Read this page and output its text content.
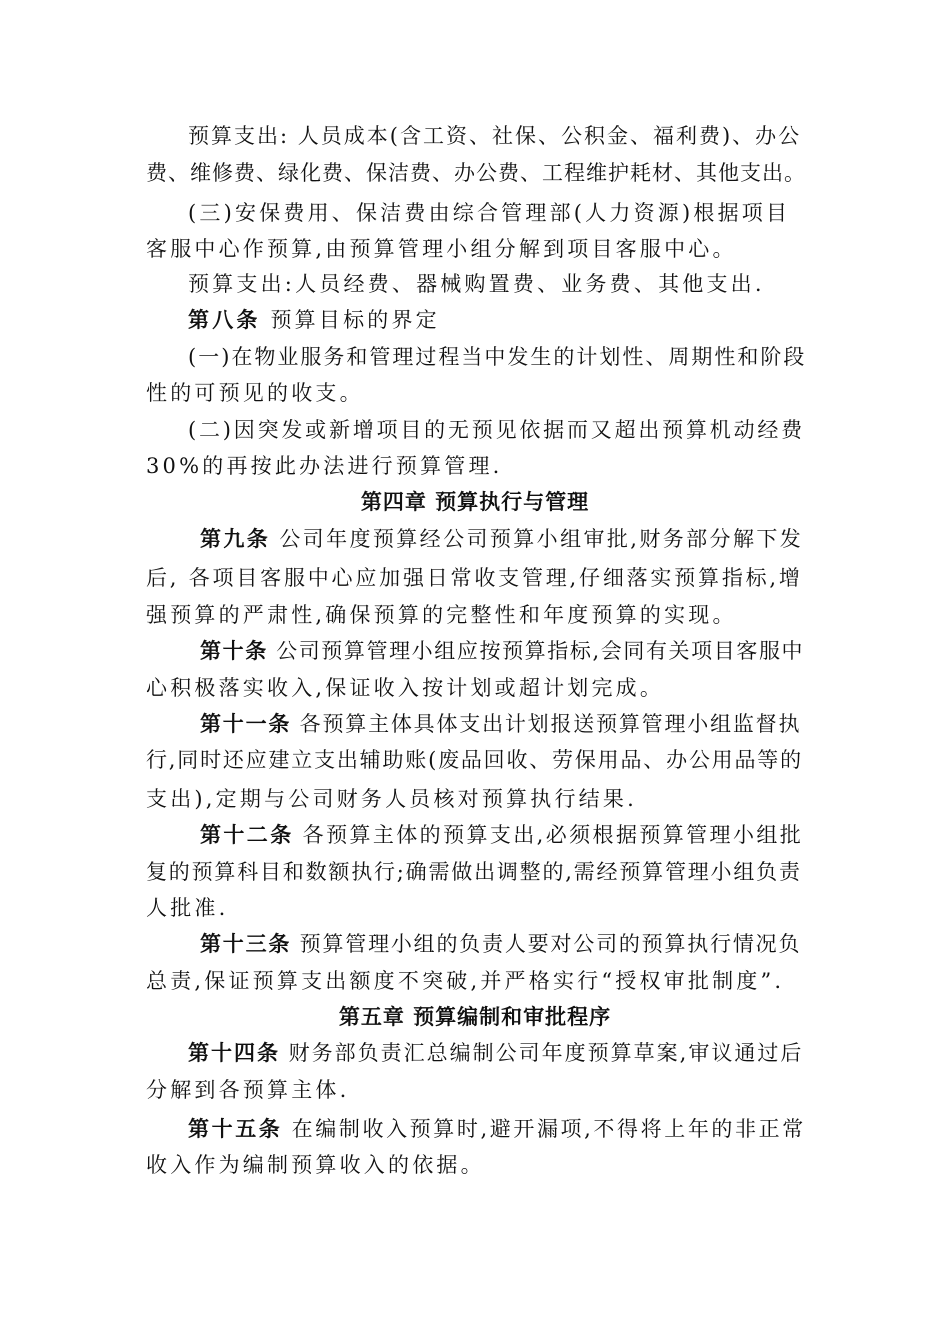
预算支出: 人员成本(含工资、社保、公积金、福利费)、办公
费、维修费、绿化费、保洁费、办公费、工程维护耗材、其他支出。
(三)安保费用、保洁费由综合管理部(人力资源)根据项目
客服中心作预算,由预算管理小组分解到项目客服中心。
预算支出:人员经费、器械购置费、业务费、其他支出.
第八条 预算目标的界定
(一)在物业服务和管理过程当中发生的计划性、周期性和阶段
性的可预见的收支。
(二)因突发或新增项目的无预见依据而又超出预算机动经费
30%的再按此办法进行预算管理.
第四章 预算执行与管理
第九条 公司年度预算经公司预算小组审批,财务部分解下发
后, 各项目客服中心应加强日常收支管理,仔细落实预算指标,增
强预算的严肃性,确保预算的完整性和年度预算的实现。
第十条 公司预算管理小组应按预算指标,会同有关项目客服中
心积极落实收入,保证收入按计划或超计划完成。
第十一条 各预算主体具体支出计划报送预算管理小组监督执
行,同时还应建立支出辅助账(废品回收、劳保用品、办公用品等的
支出),定期与公司财务人员核对预算执行结果.
第十二条 各预算主体的预算支出,必须根据预算管理小组批
复的预算科目和数额执行;确需做出调整的,需经预算管理小组负责
人批准.
第十三条 预算管理小组的负责人要对公司的预算执行情况负
总责,保证预算支出额度不突破,并严格实行“授权审批制度”.
第五章 预算编制和审批程序
第十四条 财务部负责汇总编制公司年度预算草案,审议通过后
分解到各预算主体.
第十五条 在编制收入预算时,避开漏项,不得将上年的非正常
收入作为编制预算收入的依据。
